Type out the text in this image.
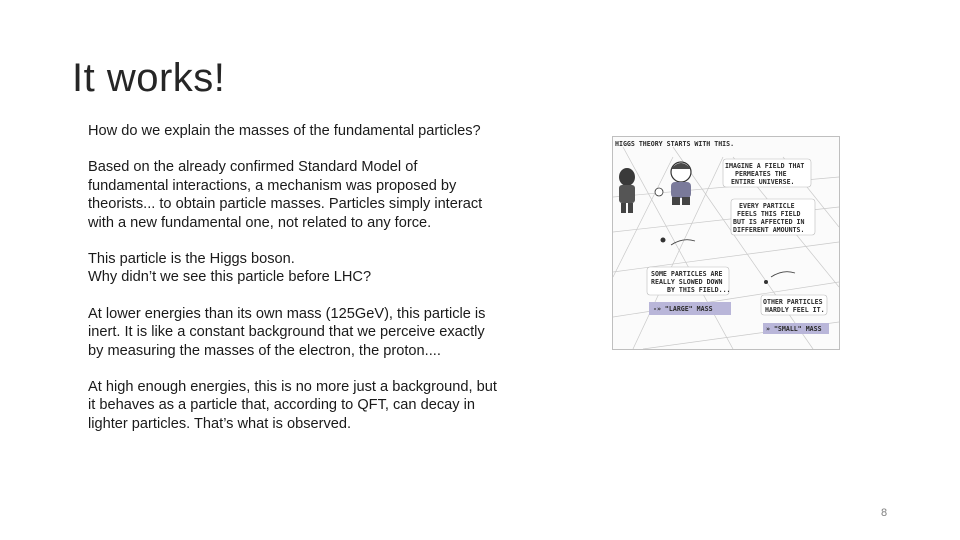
It works!

How do we explain the masses of the fundamental particles?

Based on the already confirmed Standard Model of
fundamental interactions, a mechanism was proposed by
theorists... to obtain particle masses. Particles simply interact
with a new fundamental one, not related to any force.

This particle is the Higgs boson.
Why didn’t we see this particle before LHC?

At lower energies than its own mass (125GeV), this particle is
inert. It is like a constant background that we perceive exactly
by measuring the masses of the electron, the proton....

At high enough energies, this is no more just a background, but
it behaves as a particle that, according to QFT, can decay in
lighter particles. That’s what is observed.

HIGGS THEORY STARTS WITH THIS.
IMAGINE A FIELD THAT
PERMEATES THE
ENTIRE UNIVERSE.
EVERY PARTICLE
FEELS THIS FIELD
BUT IS AFFECTED IN
DIFFERENT AMOUNTS.
SOME PARTICLES ARE
REALLY SLOWED DOWN
BY THIS FIELD...
-» "LARGE" MASS
OTHER PARTICLES
HARDLY FEEL IT.
» "SMALL" MASS
8
